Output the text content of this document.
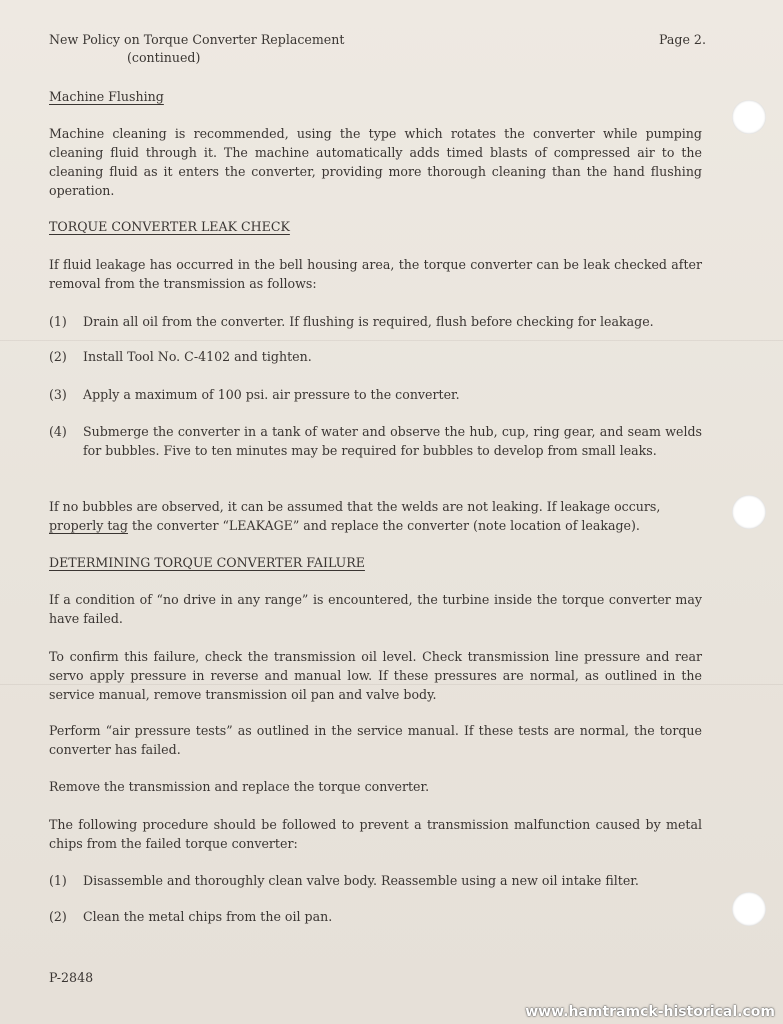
New Policy on Torque Converter Replacement
(continued)
Page 2.
Machine Flushing
Machine cleaning is recommended, using the type which rotates the converter while pumping cleaning fluid through it. The machine automatically adds timed blasts of compressed air to the cleaning fluid as it enters the converter, providing more thorough cleaning than the hand flushing operation.
TORQUE CONVERTER LEAK CHECK
If fluid leakage has occurred in the bell housing area, the torque converter can be leak checked after removal from the transmission as follows:
(1) Drain all oil from the converter. If flushing is required, flush before checking for leakage.
(2) Install Tool No. C-4102 and tighten.
(3) Apply a maximum of 100 psi. air pressure to the converter.
(4) Submerge the converter in a tank of water and observe the hub, cup, ring gear, and seam welds for bubbles. Five to ten minutes may be required for bubbles to develop from small leaks.
If no bubbles are observed, it can be assumed that the welds are not leaking. If leakage occurs,
properly tag the converter “LEAKAGE” and replace the converter (note location of leakage).
DETERMINING TORQUE CONVERTER FAILURE
If a condition of “no drive in any range” is encountered, the turbine inside the torque converter may have failed.
To confirm this failure, check the transmission oil level. Check transmission line pressure and rear servo apply pressure in reverse and manual low. If these pressures are normal, as outlined in the service manual, remove transmission oil pan and valve body.
Perform “air pressure tests” as outlined in the service manual. If these tests are normal, the torque converter has failed.
Remove the transmission and replace the torque converter.
The following procedure should be followed to prevent a transmission malfunction caused by metal chips from the failed torque converter:
(1) Disassemble and thoroughly clean valve body. Reassemble using a new oil intake filter.
(2) Clean the metal chips from the oil pan.
P-2848
www.hamtramck-historical.com
